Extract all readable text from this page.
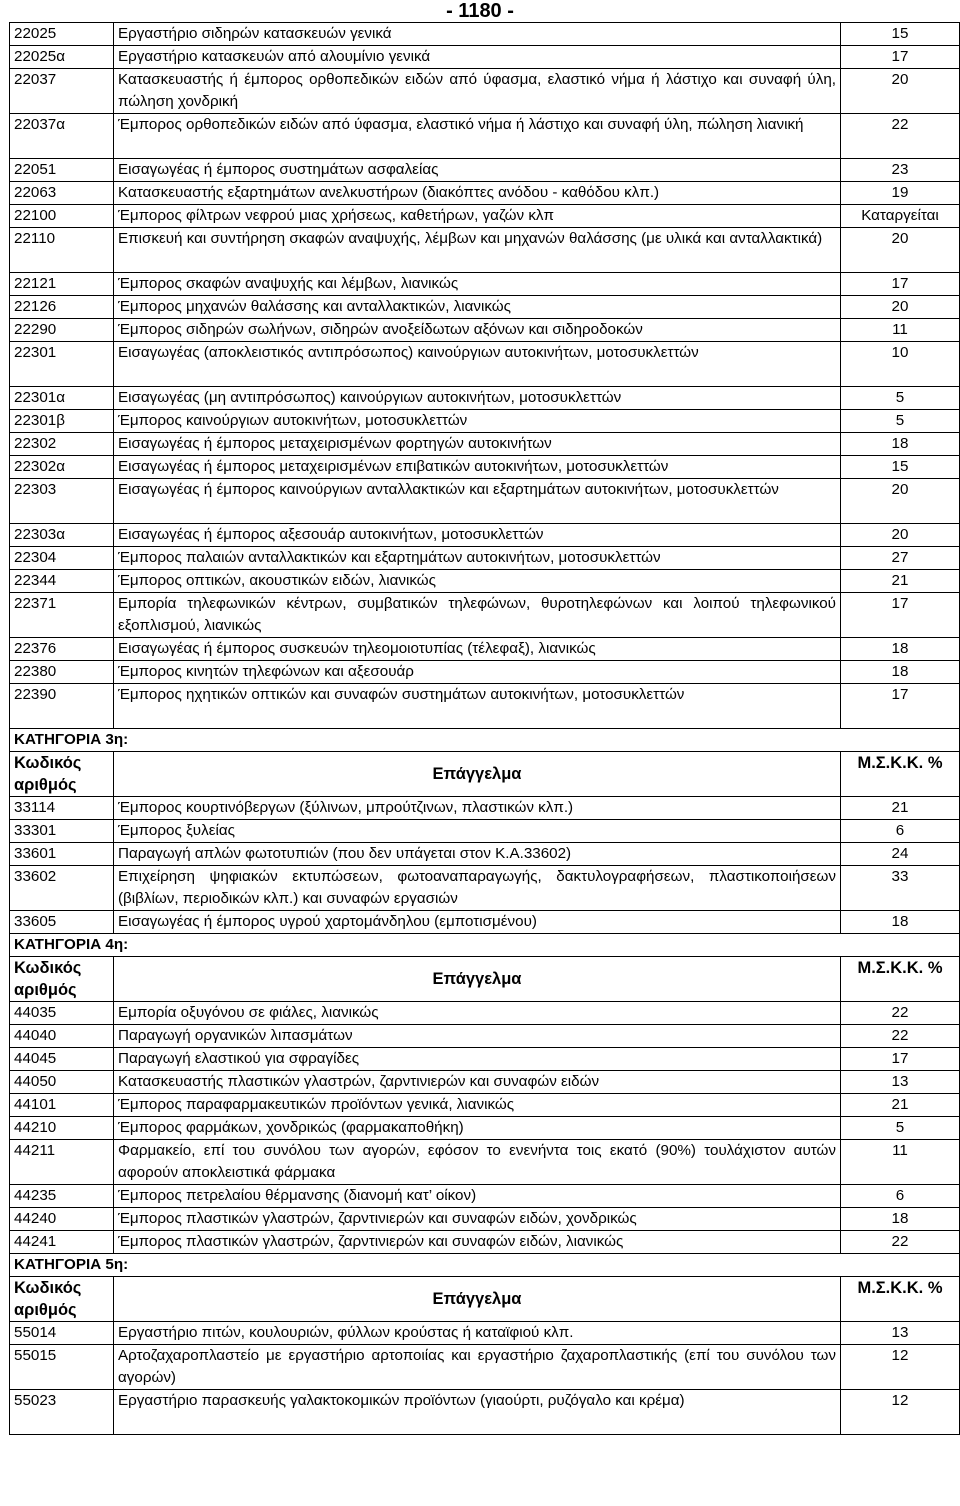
- 1180 -
22025	Εργαστήριο σιδηρών κατασκευών γενικά	15
22025α	Εργαστήριο κατασκευών από αλουμίνιο γενικά	17
22037	Κατασκευαστής ή έμπορος ορθοπεδικών ειδών από ύφασμα, ελαστικό νήμα ή λάστιχο και συναφή ύλη, πώληση χονδρική	20
22037α	Έμπορος ορθοπεδικών ειδών από ύφασμα, ελαστικό νήμα ή λάστιχο και συναφή ύλη, πώληση λιανική	22
22051	Εισαγωγέας ή έμπορος συστημάτων ασφαλείας	23
22063	Κατασκευαστής εξαρτημάτων ανελκυστήρων (διακόπτες ανόδου - καθόδου κλπ.)	19
22100	Έμπορος φίλτρων νεφρού μιας χρήσεως, καθετήρων, γαζών κλπ	Καταργείται
22110	Επισκευή και συντήρηση σκαφών αναψυχής, λέμβων και μηχανών θαλάσσης (με υλικά και ανταλλακτικά)	20
22121	Έμπορος σκαφών αναψυχής και λέμβων, λιανικώς	17
22126	Έμπορος μηχανών θαλάσσης και ανταλλακτικών, λιανικώς	20
22290	Έμπορος σιδηρών σωλήνων, σιδηρών ανοξείδωτων αξόνων και σιδηροδοκών	11
22301	Εισαγωγέας (αποκλειστικός αντιπρόσωπος) καινούργιων αυτοκινήτων, μοτοσυκλεττών	10
22301α	Εισαγωγέας (μη αντιπρόσωπος) καινούργιων αυτοκινήτων, μοτοσυκλεττών	5
22301β	Έμπορος καινούργιων αυτοκινήτων, μοτοσυκλεττών	5
22302	Εισαγωγέας ή έμπορος μεταχειρισμένων φορτηγών αυτοκινήτων	18
22302α	Εισαγωγέας ή έμπορος μεταχειρισμένων επιβατικών αυτοκινήτων, μοτοσυκλεττών	15
22303	Εισαγωγέας ή έμπορος καινούργιων ανταλλακτικών και εξαρτημάτων αυτοκινήτων, μοτοσυκλεττών	20
22303α	Εισαγωγέας ή έμπορος αξεσουάρ αυτοκινήτων, μοτοσυκλεττών	20
22304	Έμπορος παλαιών ανταλλακτικών και εξαρτημάτων αυτοκινήτων, μοτοσυκλεττών	27
22344	Έμπορος οπτικών, ακουστικών ειδών, λιανικώς	21
22371	Εμπορία τηλεφωνικών κέντρων, συμβατικών τηλεφώνων, θυροτηλεφώνων και λοιπού τηλεφωνικού εξοπλισμού, λιανικώς	17
22376	Εισαγωγέας ή έμπορος συσκευών τηλεομοιοτυπίας (τέλεφαξ), λιανικώς	18
22380	Έμπορος κινητών τηλεφώνων και αξεσουάρ	18
22390	Έμπορος ηχητικών οπτικών και συναφών συστημάτων αυτοκινήτων, μοτοσυκλεττών	17
ΚΑΤΗΓΟΡΙΑ 3η:		
Κωδικός αριθμός	Επάγγελμα	Μ.Σ.Κ.Κ. %
33114	Έμπορος κουρτινόβεργων (ξύλινων, μπρούτζινων, πλαστικών κλπ.)	21
33301	Έμπορος ξυλείας	6
33601	Παραγωγή απλών φωτοτυπιών (που δεν υπάγεται στον Κ.Α.33602)	24
33602	Επιχείρηση ψηφιακών εκτυπώσεων, φωτοαναπαραγωγής, δακτυλογραφήσεων, πλαστικοποιήσεων (βιβλίων, περιοδικών κλπ.) και συναφών εργασιών	33
33605	Εισαγωγέας ή έμπορος υγρού χαρτομάνδηλου (εμποτισμένου)	18
ΚΑΤΗΓΟΡΙΑ 4η:		
Κωδικός αριθμός	Επάγγελμα	Μ.Σ.Κ.Κ. %
44035	Εμπορία οξυγόνου σε φιάλες, λιανικώς	22
44040	Παραγωγή οργανικών λιπασμάτων	22
44045	Παραγωγή ελαστικού για σφραγίδες	17
44050	Κατασκευαστής πλαστικών γλαστρών, ζαρντινιερών και συναφών ειδών	13
44101	Έμπορος παραφαρμακευτικών προϊόντων γενικά, λιανικώς	21
44210	Έμπορος φαρμάκων, χονδρικώς (φαρμακαποθήκη)	5
44211	Φαρμακείο, επί του συνόλου των αγορών, εφόσον το ενενήντα τοις εκατό (90%) τουλάχιστον αυτών αφορούν αποκλειστικά φάρμακα	11
44235	Έμπορος πετρελαίου θέρμανσης (διανομή κατ’ οίκον)	6
44240	Έμπορος πλαστικών γλαστρών, ζαρντινιερών και συναφών ειδών, χονδρικώς	18
44241	Έμπορος πλαστικών γλαστρών, ζαρντινιερών και συναφών ειδών, λιανικώς	22
ΚΑΤΗΓΟΡΙΑ 5η:		
Κωδικός αριθμός	Επάγγελμα	Μ.Σ.Κ.Κ. %
55014	Εργαστήριο πιτών, κουλουριών, φύλλων κρούστας ή καταϊφιού κλπ.	13
55015	Αρτοζαχαροπλαστείο με εργαστήριο αρτοποιίας και εργαστήριο ζαχαροπλαστικής (επί του συνόλου των αγορών)	12
55023	Εργαστήριο παρασκευής γαλακτοκομικών προϊόντων (γιαούρτι, ρυζόγαλο και κρέμα)	12
